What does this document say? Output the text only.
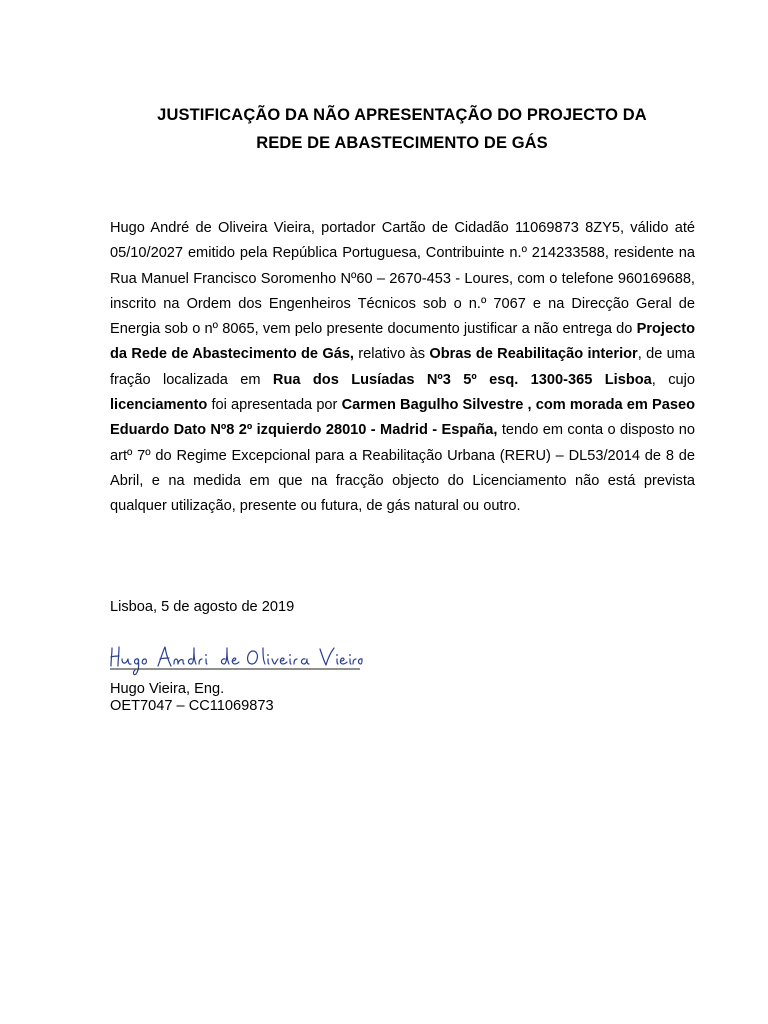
JUSTIFICAÇÃO DA NÃO APRESENTAÇÃO DO PROJECTO DA
REDE DE ABASTECIMENTO DE GÁS
Hugo André de Oliveira Vieira, portador Cartão de Cidadão 11069873 8ZY5, válido até 05/10/2027 emitido pela República Portuguesa, Contribuinte n.º 214233588, residente na Rua Manuel Francisco Soromenho Nº60 – 2670-453 - Loures, com o telefone 960169688, inscrito na Ordem dos Engenheiros Técnicos sob o n.º 7067 e na Direcção Geral de Energia sob o nº 8065, vem pelo presente documento justificar a não entrega do Projecto da Rede de Abastecimento de Gás, relativo às Obras de Reabilitação interior, de uma fração localizada em Rua dos Lusíadas Nº3 5º esq. 1300-365 Lisboa, cujo licenciamento foi apresentada por Carmen Bagulho Silvestre , com morada em Paseo Eduardo Dato Nº8 2º izquierdo 28010 - Madrid - España, tendo em conta o disposto no artº 7º do Regime Excepcional para a Reabilitação Urbana (RERU) – DL53/2014 de 8 de Abril, e na medida em que na fracção objecto do Licenciamento não está prevista qualquer utilização, presente ou futura, de gás natural ou outro.
Lisboa, 5 de agosto de 2019
Hugo Vieira, Eng.
OET7047 – CC11069873
